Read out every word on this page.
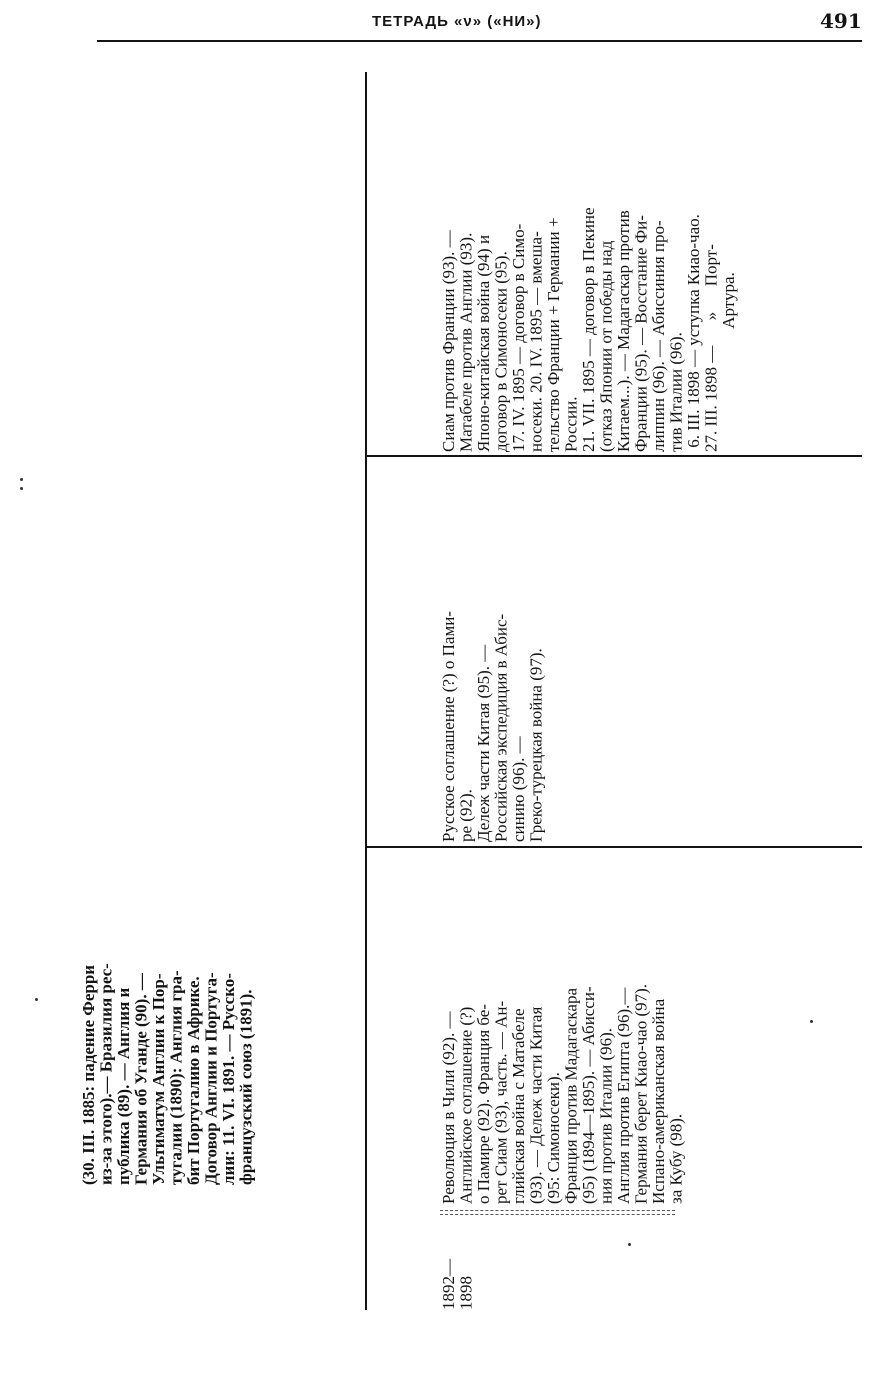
ТЕТРАДЬ «ν» («НИ»)	491
(30. III. 1885: падение Ферри
из-за этого).— Бразилия рес-
публика (89). — Англия и
Германия об Уганде (90). —
Ультиматум Англии к Пор-
тугалии (1890): Англия гра-
бит Португалию в Африке.
Договор Англии и Португа-
лии: 11. VI. 1891. — Русско-
французский союз (1891).
1892—
1898
Революция в Чили (92). —
Английское соглашение (?)
о Памире (92). Франция бе-
рет Сиам (93), часть. — Ан-
глийская война с Матабеле
(93). — Дележ части Китая
(95: Симоносеки).
Франция против Мадагаскара
(95) (1894—1895). — Абисси-
ния против Италии (96).
Англия против Египта (96).—
Германия берет Киао-чао (97).
Испано-американская война
за Кубу (98).
Русское соглашение (?) о Пами-
ре (92).
Дележ части Китая (95). —
Российская экспедиция в Абис-
синию (96). —
Греко-турецкая война (97).
Сиам против Франции (93). —
Матабеле против Англии (93).
Японо-китайская война (94) и
договор в Симоносеки (95).
17. IV. 1895 — договор в Симо-
носеки. 20. IV. 1895 — вмеша-
тельство Франции + Германии +
России.
21. VII. 1895 — договор в Пекине
(отказ Японии от победы над
Китаем...). — Мадагаскар против
Франции (95). — Восстание Фи-
липпин (96). — Абиссиния про-
тив Италии (96).
6. III. 1898 — уступка Киао-чао.
27. III. 1898 —      »      Порт-
Артура.
